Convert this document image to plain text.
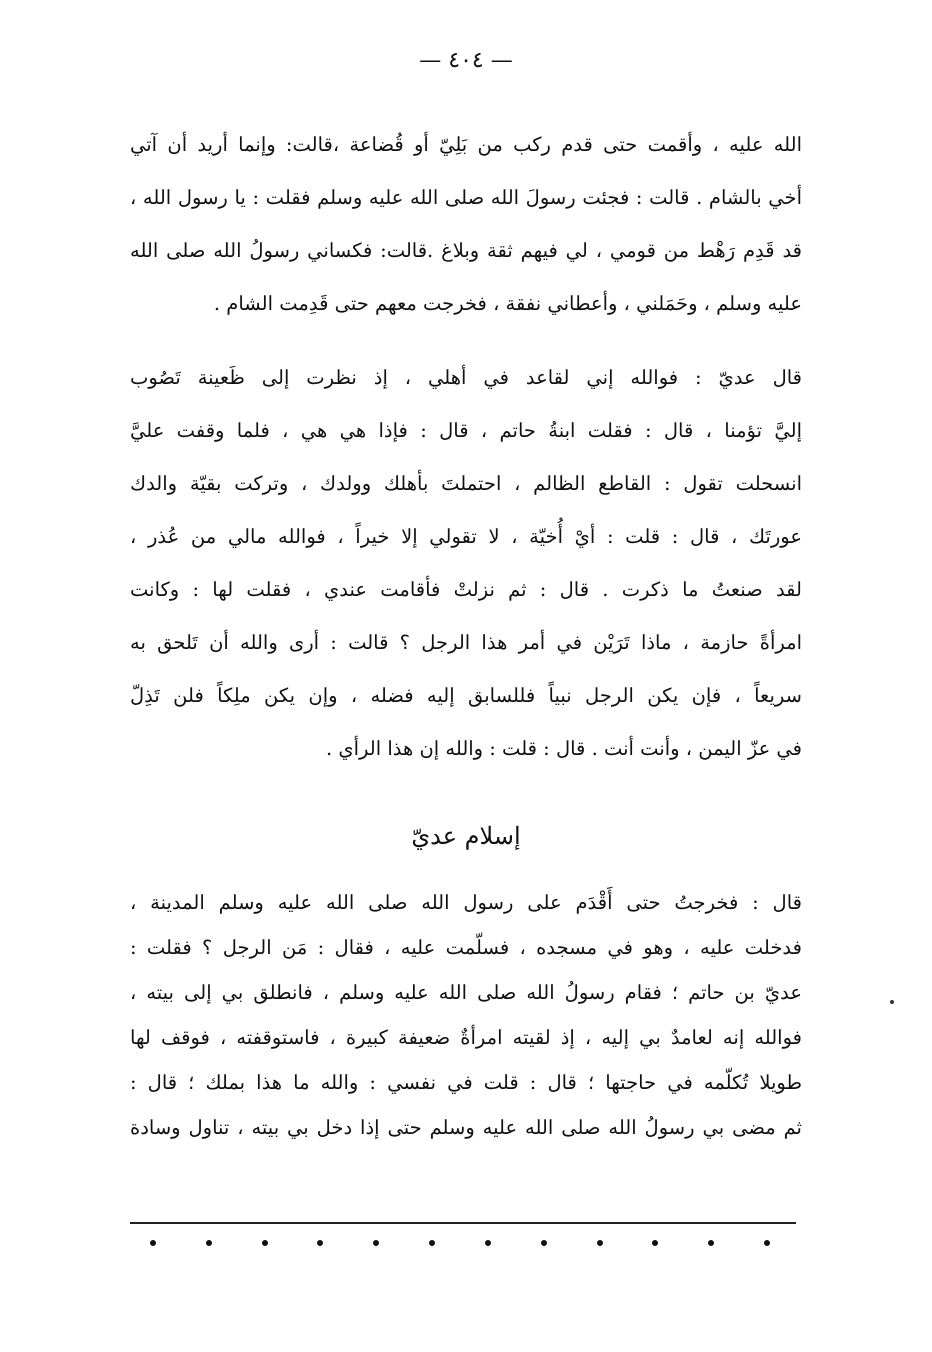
— ٤٠٤ —
الله عليه ، وأقمت حتى قدم ركب من بَلِيّ أو قُضاعة ،قالت: وإنما أريد أن آتي
أخي بالشام . قالت : فجئت رسولَ الله صلى الله عليه وسلم فقلت : يا رسول الله ،
قد قَدِم رَهْط من قومي ، لي فيهم ثقة وبلاغ .قالت: فكساني رسولُ الله صلى الله
عليه وسلم ، وحَمَلني ، وأعطاني نفقة ، فخرجت معهم حتى قَدِمت الشام .
قال عديّ : فوالله إني لقاعد في أهلي ، إذ نظرت إلى ظَعينة تَصُوب
إليَّ تؤمنا ، قال : فقلت ابنةُ حاتم ، قال : فإذا هي هي ، فلما وقفت عليَّ
انسحلت تقول : القاطع الظالم ، احتملتَ بأهلك وولدك ، وتركت بقيّة والدك
عورتَك ، قال : قلت : أيْ أُخيّة ، لا تقولي إلا خيراً ، فوالله مالي من عُذر ،
لقد صنعتُ ما ذكرت . قال : ثم نزلتْ فأقامت عندي ، فقلت لها : وكانت
امرأةً حازمة ، ماذا تَرَيْن في أمر هذا الرجل ؟ قالت : أرى والله أن تَلحق به
سريعاً ، فإن يكن الرجل نبياً فللسابق إليه فضله ، وإن يكن ملِكاً فلن تَذِلّ
في عزّ اليمن ، وأنت أنت . قال : قلت : والله إن هذا الرأي .
إسلام عديّ
قال : فخرجتُ حتى أَقْدَم على رسول الله صلى الله عليه وسلم المدينة ،
فدخلت عليه ، وهو في مسجده ، فسلّمت عليه ، فقال : مَن الرجل ؟ فقلت :
عديّ بن حاتم ؛ فقام رسولُ الله صلى الله عليه وسلم ، فانطلق بي إلى بيته ،
فوالله إنه لعامدٌ بي إليه ، إذ لقيته امرأةٌ ضعيفة كبيرة ، فاستوقفته ، فوقف لها
طويلا تُكلّمه في حاجتها ؛ قال : قلت في نفسي : والله ما هذا بملك ؛ قال :
ثم مضى بي رسولُ الله صلى الله عليه وسلم حتى إذا دخل بي بيته ، تناول وسادة
